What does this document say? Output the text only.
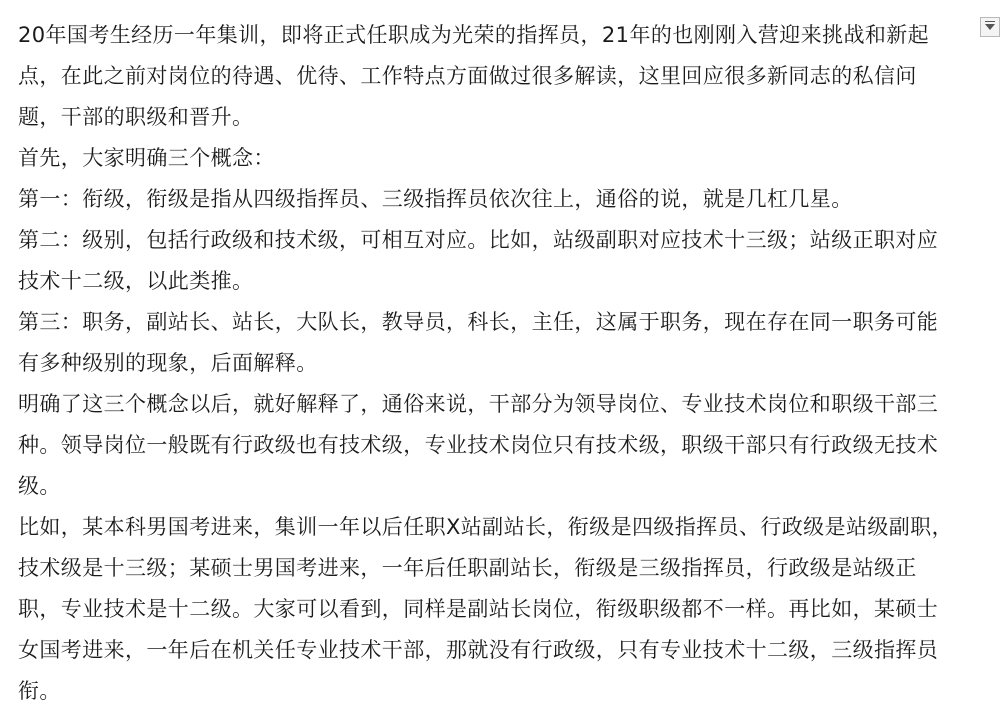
20年国考生经历一年集训，即将正式任职成为光荣的指挥员，21年的也刚刚入营迎来挑战和新起点，在此之前对岗位的待遇、优待、工作特点方面做过很多解读，这里回应很多新同志的私信问题，干部的职级和晋升。

首先，大家明确三个概念：

第一：衔级，衔级是指从四级指挥员、三级指挥员依次往上，通俗的说，就是几杠几星。

第二：级别，包括行政级和技术级，可相互对应。比如，站级副职对应技术十三级；站级正职对应技术十二级，以此类推。

第三：职务，副站长、站长，大队长，教导员，科长，主任，这属于职务，现在存在同一职务可能有多种级别的现象，后面解释。

明确了这三个概念以后，就好解释了，通俗来说，干部分为领导岗位、专业技术岗位和职级干部三种。领导岗位一般既有行政级也有技术级，专业技术岗位只有技术级，职级干部只有行政级无技术级。

比如，某本科男国考进来，集训一年以后任职X站副站长，衔级是四级指挥员、行政级是站级副职，技术级是十三级；某硕士男国考进来，一年后任职副站长，衔级是三级指挥员，行政级是站级正职，专业技术是十二级。大家可以看到，同样是副站长岗位，衔级职级都不一样。再比如，某硕士女国考进来，一年后在机关任专业技术干部，那就没有行政级，只有专业技术十二级，三级指挥员衔。
